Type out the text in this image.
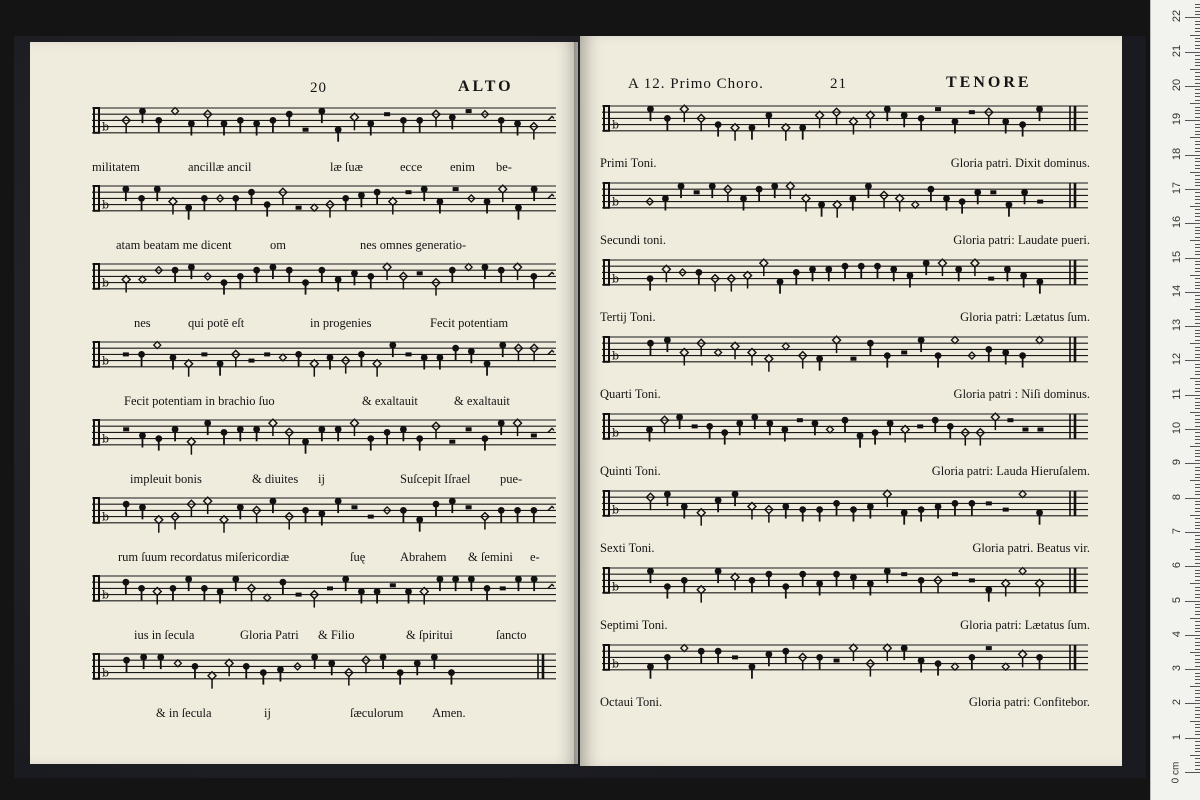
20	ALTO
b
militatem	ancillæ ancil	læ ſuæ	ecce enim be-
b
atam beatam me dicent	om	nes omnes generatio-
b
nes	qui potē eſt	in progenies	Fecit potentiam
b
Fecit potentiam in brachio ſuo	& exaltauit	& exaltauit
b
impleuit bonis	& diuites ij	Suſcepit Iſrael pue-
b
rum ſuum recordatus miſericordiæ	ſuę	Abrahem & ſemini e-
b
ius in ſecula	Gloria Patri & Filio	& ſpiritui	ſancto
b
& in ſecula	ij	ſæculorum Amen.
A 12. Primo Choro.	21	TENORE
b
Primi Toni.	Gloria patri. Dixit dominus.
b
Secundi toni.	Gloria patri: Laudate pueri.
b
Tertij Toni.	Gloria patri: Lætatus ſum.
b
Quarti Toni.	Gloria patri : Niſi dominus.
b
Quinti Toni.	Gloria patri: Lauda Hieruſalem.
b
Sexti Toni.	Gloria patri. Beatus vir.
b
Septimi Toni.	Gloria patri: Lætatus ſum.
b
Octaui Toni.	Gloria patri: Confitebor.
0 cm
1
2
3
4
5
6
7
8
9
10
11
12
13
14
15
16
17
18
19
20
21
22
